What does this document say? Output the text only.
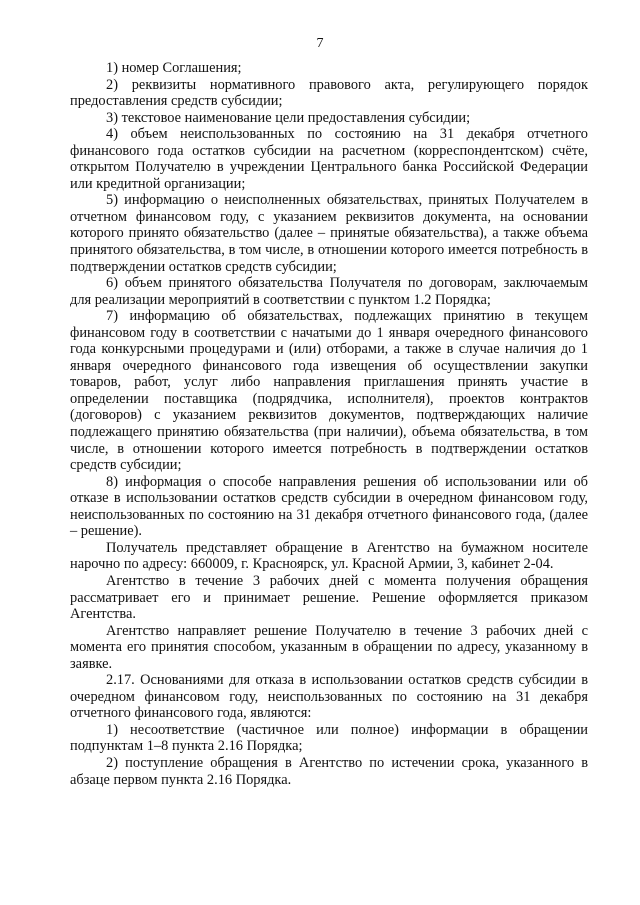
7

1) номер Соглашения;

2) реквизиты нормативного правового акта, регулирующего порядок предоставления средств субсидии;

3) текстовое наименование цели предоставления субсидии;

4) объем неиспользованных по состоянию на 31 декабря отчетного финансового года остатков субсидии на расчетном (корреспондентском) счёте, открытом Получателю в учреждении Центрального банка Российской Федерации или кредитной организации;

5) информацию о неисполненных обязательствах, принятых Получателем в отчетном финансовом году, с указанием реквизитов документа, на основании которого принято обязательство (далее – принятые обязательства), а также объема принятого обязательства, в том числе, в отношении которого имеется потребность в подтверждении остатков средств субсидии;

6) объем принятого обязательства Получателя по договорам, заключаемым для реализации мероприятий в соответствии с пунктом 1.2 Порядка;

7) информацию об обязательствах, подлежащих принятию в текущем финансовом году в соответствии с начатыми до 1 января очередного финансового года конкурсными процедурами и (или) отборами, а также в случае наличия до 1 января очередного финансового года извещения об осуществлении закупки товаров, работ, услуг либо направления приглашения принять участие в определении поставщика (подрядчика, исполнителя), проектов контрактов (договоров) с указанием реквизитов документов, подтверждающих наличие подлежащего принятию обязательства (при наличии), объема обязательства, в том числе, в отношении которого имеется потребность в подтверждении остатков средств субсидии;

8) информация о способе направления решения об использовании или об отказе в использовании остатков средств субсидии в очередном финансовом году, неиспользованных по состоянию на 31 декабря отчетного финансового года, (далее – решение).

Получатель представляет обращение в Агентство на бумажном носителе нарочно по адресу: 660009, г. Красноярск, ул. Красной Армии, 3, кабинет 2-04.

Агентство в течение 3 рабочих дней с момента получения обращения рассматривает его и принимает решение. Решение оформляется приказом Агентства.

Агентство направляет решение Получателю в течение 3 рабочих дней с момента его принятия способом, указанным в обращении по адресу, указанному в заявке.

2.17. Основаниями для отказа в использовании остатков средств субсидии в очередном финансовом году, неиспользованных по состоянию на 31 декабря отчетного финансового года, являются:

1) несоответствие (частичное или полное) информации в обращении подпунктам 1–8 пункта 2.16 Порядка;

2) поступление обращения в Агентство по истечении срока, указанного в абзаце первом пункта 2.16 Порядка.
